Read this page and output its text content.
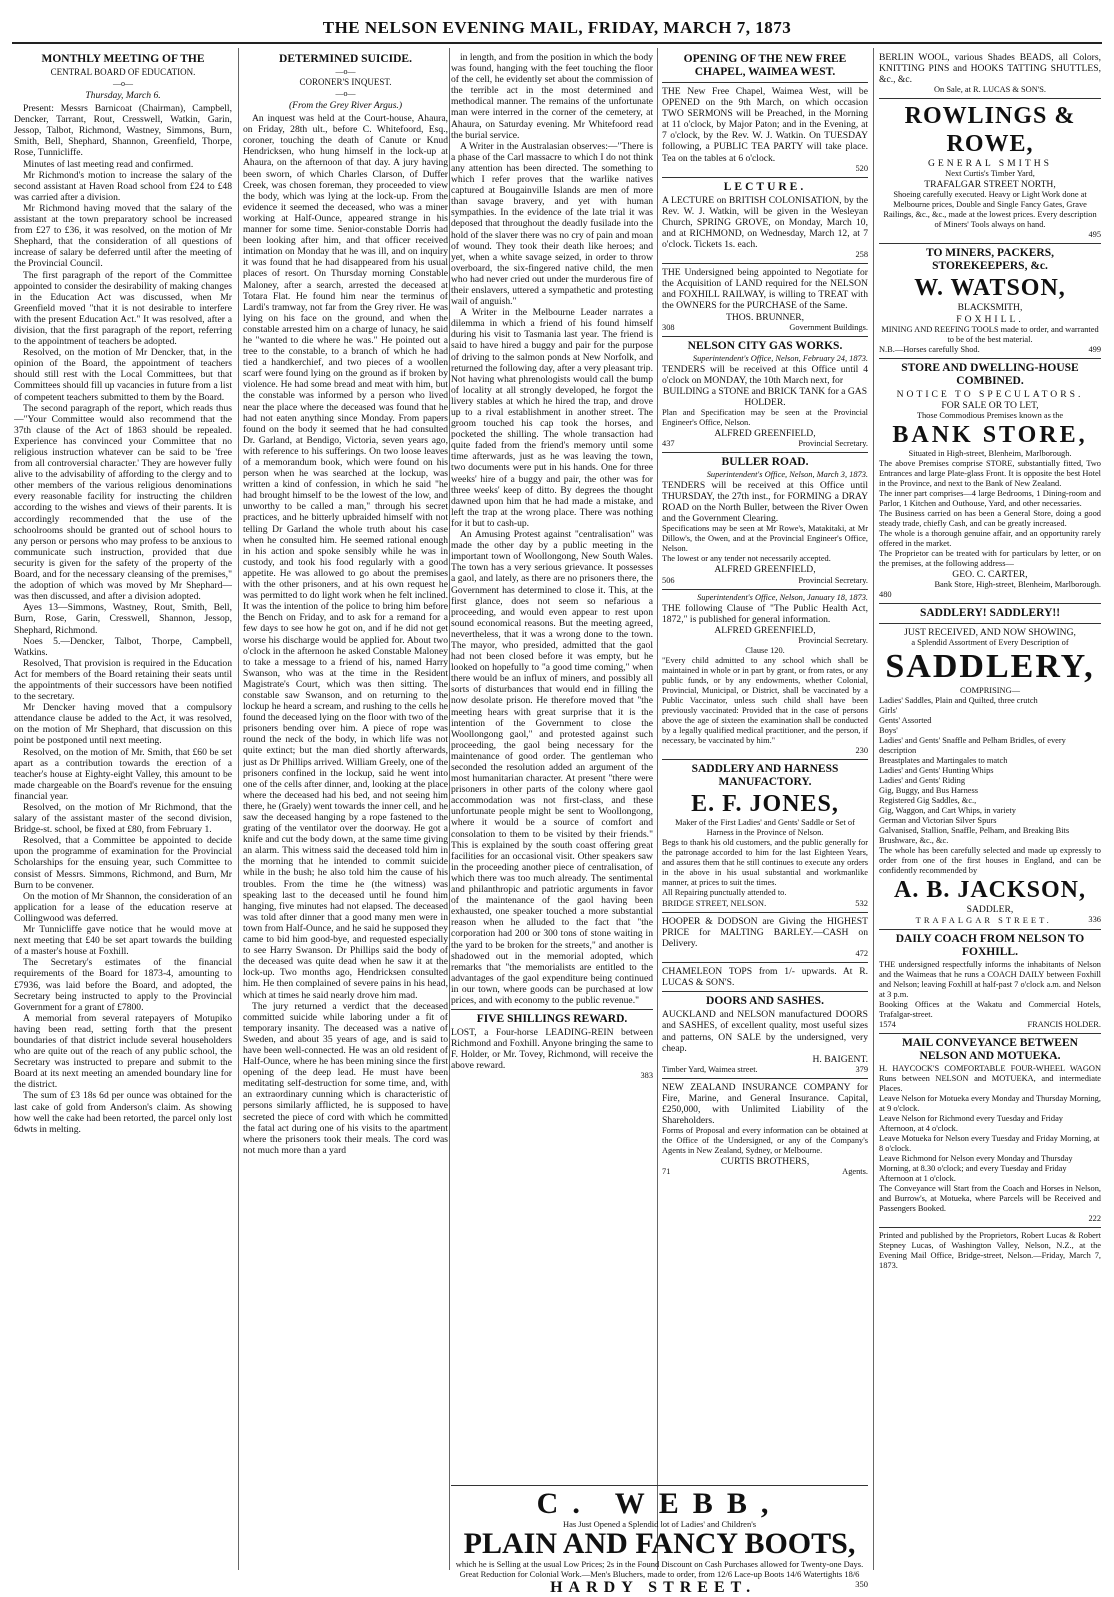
THE NELSON EVENING MAIL, FRIDAY, MARCH 7, 1873
MONTHLY MEETING OF THE
CENTRAL BOARD OF EDUCATION.
—o—
Thursday, March 6.

Present: Messrs Barnicoat (Chairman), Campbell, Dencker, Tarrant, Rout, Cresswell, Watkin, Garin, Jessop, Talbot, Richmond, Wastney, Simmons, Burn, Smith, Bell, Shephard, Shannon, Greenfield, Thorpe, Rose, Tunnicliffe.

Minutes of last meeting read and confirmed.

Mr Richmond's motion to increase the salary of the second assistant at Haven Road school from £24 to £48 was carried after a division.

Mr Richmond having moved that the salary of the assistant at the town preparatory school be increased from £27 to £36, it was resolved, on the motion of Mr Shephard, that the consideration of all questions of increase of salary be deferred until after the meeting of the Provincial Council.

The first paragraph of the report of the Committee appointed to consider the desirability of making changes in the Education Act was discussed, when Mr Greenfield moved "that it is not desirable to interfere with the present Education Act." It was resolved, after a division, that the first paragraph of the report, referring to the appointment of teachers be adopted.

Resolved, on the motion of Mr Dencker, that, in the opinion of the Board, the appointment of teachers should still rest with the Local Committees, but that Committees should fill up vacancies in future from a list of competent teachers submitted to them by the Board.

The second paragraph of the report, which reads thus—"Your Committee would also recommend that the 37th clause of the Act of 1863 should be repealed. Experience has convinced your Committee that no religious instruction whatever can be said to be 'free from all controversial character.' They are however fully alive to the advisability of affording to the clergy and to other members of the various religious denominations every reasonable facility for instructing the children according to the wishes and views of their parents. It is accordingly recommended that the use of the schoolrooms should be granted out of school hours to any person or persons who may profess to be anxious to communicate such instruction, provided that due security is given for the safety of the property of the Board, and for the necessary cleansing of the premises," the adoption of which was moved by Mr Shephard—was then discussed, and after a division adopted.

Ayes 13—Simmons, Wastney, Rout, Smith, Bell, Burn, Rose, Garin, Cresswell, Shannon, Jessop, Shephard, Richmond.

Noes 5.—Dencker, Talbot, Thorpe, Campbell, Watkins.

Resolved, That provision is required in the Education Act for members of the Board retaining their seats until the appointments of their successors have been notified to the secretary.

Mr Dencker having moved that a compulsory attendance clause be added to the Act, it was resolved, on the motion of Mr Shephard, that discussion on this point be postponed until next meeting.

Resolved, on the motion of Mr. Smith, that £60 be set apart as a contribution towards the erection of a teacher's house at Eighty-eight Valley, this amount to be made chargeable on the Board's revenue for the ensuing financial year.

Resolved, on the motion of Mr Richmond, that the salary of the assistant master of the second division, Bridge-st. school, be fixed at £80, from February 1.

Resolved, that a Committee be appointed to decide upon the programme of examination for the Provincial Scholarships for the ensuing year, such Committee to consist of Messrs. Simmons, Richmond, and Burn, Mr Burn to be convener.

On the motion of Mr Shannon, the consideration of an application for a lease of the education reserve at Collingwood was deferred.

Mr Tunnicliffe gave notice that he would move at next meeting that £40 be set apart towards the building of a master's house at Foxhill.

The Secretary's estimates of the financial requirements of the Board for 1873-4, amounting to £7936, was laid before the Board, and adopted, the Secretary being instructed to apply to the Provincial Government for a grant of £7800.

A memorial from several ratepayers of Motupiko having been read, setting forth that the present boundaries of that district include several householders who are quite out of the reach of any public school, the Secretary was instructed to prepare and submit to the Board at its next meeting an amended boundary line for the district.

The sum of £3 18s 6d per ounce was obtained for the last cake of gold from Anderson's claim. As showing how well the cake had been retorted, the parcel only lost 6dwts in melting.

DETERMINED SUICIDE.
—o—
CORONER'S INQUEST.
—o—
(From the Grey River Argus.)

An inquest was held at the Court-house, Ahaura, on Friday, 28th ult., before C. Whitefoord, Esq., coroner, touching the death of Canute or Knud Hendricksen, who hung himself in the lock-up at Ahaura, on the afternoon of that day. A jury having been sworn, of which Charles Clarson, of Duffer Creek, was chosen foreman, they proceeded to view the body, which was lying at the lock-up. From the evidence it seemed the deceased, who was a miner working at Half-Ounce, appeared strange in his manner for some time. Senior-constable Dorris had been looking after him, and that officer received intimation on Monday that he was ill, and on inquiry it was found that he had disappeared from his usual places of resort. On Thursday morning Constable Maloney, after a search, arrested the deceased at Totara Flat. He found him near the terminus of Lardi's tramway, not far from the Grey river. He was lying on his face on the ground, and when the constable arrested him on a charge of lunacy, he said he "wanted to die where he was." He pointed out a tree to the constable, to a branch of which he had tied a handkerchief, and two pieces of a woollen scarf were found lying on the ground as if broken by violence. He had some bread and meat with him, but the constable was informed by a person who lived near the place where the deceased was found that he had not eaten anything since Monday. From papers found on the body it seemed that he had consulted Dr. Garland, at Bendigo, Victoria, seven years ago, with reference to his sufferings. On two loose leaves of a memorandum book, which were found on his person when he was searched at the lockup, was written a kind of confession, in which he said "he had brought himself to be the lowest of the low, and unworthy to be called a man," through his secret practices, and he bitterly upbraided himself with not telling Dr Garland the whole truth about his case when he consulted him. He seemed rational enough in his action and spoke sensibly while he was in custody, and took his food regularly with a good appetite. He was allowed to go about the premises with the other prisoners, and at his own request he was permitted to do light work when he felt inclined. It was the intention of the police to bring him before the Bench on Friday, and to ask for a remand for a few days to see how he got on, and if he did not get worse his discharge would be applied for. About two o'clock in the afternoon he asked Constable Maloney to take a message to a friend of his, named Harry Swanson, who was at the time in the Resident Magistrate's Court, which was then sitting. The constable saw Swanson, and on returning to the lockup he heard a scream, and rushing to the cells he found the deceased lying on the floor with two of the prisoners bending over him. A piece of rope was round the neck of the body, in which life was not quite extinct; but the man died shortly afterwards, just as Dr Phillips arrived. William Greely, one of the prisoners confined in the lockup, said he went into one of the cells after dinner, and, looking at the place where the deceased had his bed, and not seeing him there, he (Graely) went towards the inner cell, and he saw the deceased hanging by a rope fastened to the grating of the ventilator over the doorway. He got a knife and cut the body down, at the same time giving an alarm. This witness said the deceased told him in the morning that he intended to commit suicide while in the bush; he also told him the cause of his troubles. From the time he (the witness) was speaking last to the deceased until he found him hanging, five minutes had not elapsed. The deceased was told after dinner that a good many men were in town from Half-Ounce, and he said he supposed they came to bid him good-bye, and requested especially to see Harry Swanson. Dr Phillips said the body of the deceased was quite dead when he saw it at the lock-up. Two months ago, Hendricksen consulted him. He then complained of severe pains in his head, which at times he said nearly drove him mad.

The jury returned a verdict that the deceased committed suicide while laboring under a fit of temporary insanity. The deceased was a native of Sweden, and about 35 years of age, and is said to have been well-connected. He was an old resident of Half-Ounce, where he has been mining since the first opening of the deep lead. He must have been meditating self-destruction for some time, and, with an extraordinary cunning which is characteristic of persons similarly afflicted, he is supposed to have secreted the piece of cord with which he committed the fatal act during one of his visits to the apartment where the prisoners took their meals. The cord was not much more than a yard

in length, and from the position in which the body was found, hanging with the feet touching the floor of the cell, he evidently set about the commission of the terrible act in the most determined and methodical manner. The remains of the unfortunate man were interred in the corner of the cemetery, at Ahaura, on Saturday evening. Mr Whitefoord read the burial service.

A Writer in the Australasian observes:—"There is a phase of the Carl massacre to which I do not think any attention has been directed. The something to which I refer proves that the warlike natives captured at Bougainville Islands are men of more than savage bravery, and yet with human sympathies. In the evidence of the late trial it was deposed that throughout the deadly fusilade into the hold of the slaver there was no cry of pain and moan of wound. They took their death like heroes; and yet, when a white savage seized, in order to throw overboard, the six-fingered native child, the men who had never cried out under the murderous fire of their enslavers, uttered a sympathetic and protesting wail of anguish."

A Writer in the Melbourne Leader narrates a dilemma in which a friend of his found himself during his visit to Tasmania last year. The friend is said to have hired a buggy and pair for the purpose of driving to the salmon ponds at New Norfolk, and returned the following day, after a very pleasant trip. Not having what phrenologists would call the bump of locality at all strongly developed, he forgot the livery stables at which he hired the trap, and drove up to a rival establishment in another street. The groom touched his cap took the horses, and pocketed the shilling. The whole transaction had quite faded from the friend's memory until some time afterwards, just as he was leaving the town, two documents were put in his hands. One for three weeks' hire of a buggy and pair, the other was for three weeks' keep of ditto. By degrees the thought dawned upon him that he had made a mistake, and left the trap at the wrong place. There was nothing for it but to cash-up.

An Amusing Protest against "centralisation" was made the other day by a public meeting in the important town of Woollongong, New South Wales. The town has a very serious grievance. It possesses a gaol, and lately, as there are no prisoners there, the Government has determined to close it. This, at the first glance, does not seem so nefarious a proceeding, and would even appear to rest upon sound economical reasons. But the meeting agreed, nevertheless, that it was a wrong done to the town. The mayor, who presided, admitted that the gaol had not been closed before it was empty, but he looked on hopefully to "a good time coming," when there would be an influx of miners, and possibly all sorts of disturbances that would end in filling the now desolate prison. He therefore moved that "the meeting hears with great surprise that it is the intention of the Government to close the Woollongong gaol," and protested against such proceeding, the gaol being necessary for the maintenance of good order. The gentleman who seconded the resolution added an argument of the most humanitarian character. At present "there were prisoners in other parts of the colony where gaol accommodation was not first-class, and these unfortunate people might be sent to Woollongong, where it would be a source of comfort and consolation to them to be visited by their friends." This is explained by the south coast offering great facilities for an occasional visit. Other speakers saw in the proceeding another piece of centralisation, of which there was too much already. The sentimental and philanthropic and patriotic arguments in favor of the maintenance of the gaol having been exhausted, one speaker touched a more substantial reason when he alluded to the fact that "the corporation had 200 or 300 tons of stone waiting in the yard to be broken for the streets," and another is shadowed out in the memorial adopted, which remarks that "the memorialists are entitled to the advantages of the gaol expenditure being continued in our town, where goods can be purchased at low prices, and with economy to the public revenue."

FIVE SHILLINGS REWARD.

LOST, a Four-horse LEADING-REIN between Richmond and Foxhill. Anyone bringing the same to F. Holder, or Mr. Tovey, Richmond, will receive the above reward.

383
OPENING OF THE NEW FREE CHAPEL, WAIMEA WEST.

THE New Free Chapel, Waimea West, will be OPENED on the 9th March, on which occasion TWO SERMONS will be Preached, in the Morning at 11 o'clock, by Major Paton; and in the Evening, at 7 o'clock, by the Rev. W. J. Watkin. On TUESDAY following, a PUBLIC TEA PARTY will take place. Tea on the tables at 6 o'clock.

520
LECTURE.

A LECTURE on BRITISH COLONISATION, by the Rev. W. J. Watkin, will be given in the Wesleyan Church, SPRING GROVE, on Monday, March 10, and at RICHMOND, on Wednesday, March 12, at 7 o'clock. Tickets 1s. each.

258

THE Undersigned being appointed to Negotiate for the Acquisition of LAND required for the NELSON and FOXHILL RAILWAY, is willing to TREAT with the OWNERS for the PURCHASE of the Same.

THOS. BRUNNER,
308	Government Buildings.
NELSON CITY GAS WORKS.
Superintendent's Office, Nelson, February 24, 1873.

TENDERS will be received at this Office until 4 o'clock on MONDAY, the 10th March next, for

BUILDING a STONE and BRICK TANK for a GAS HOLDER.

Plan and Specification may be seen at the Provincial Engineer's Office, Nelson.

ALFRED GREENFIELD,
437	Provincial Secretary.
BULLER ROAD.
Superintendent's Office, Nelson, March 3, 1873.

TENDERS will be received at this Office until THURSDAY, the 27th inst., for FORMING a DRAY ROAD on the North Buller, between the River Owen and the Government Clearing.

Specifications may be seen at Mr Rowe's, Matakitaki, at Mr Dillow's, the Owen, and at the Provincial Engineer's Office, Nelson.

The lowest or any tender not necessarily accepted.

ALFRED GREENFIELD,
506	Provincial Secretary.
Superintendent's Office, Nelson, January 18, 1873.

THE following Clause of "The Public Health Act, 1872," is published for general information.

ALFRED GREENFIELD,
Provincial Secretary.
Clause 120.

"Every child admitted to any school which shall be maintained in whole or in part by grant, or from rates, or any public funds, or by any endowments, whether Colonial, Provincial, Municipal, or District, shall be vaccinated by a Public Vaccinator, unless such child shall have been previously vaccinated: Provided that in the case of persons above the age of sixteen the examination shall be conducted by a legally qualified medical practitioner, and the person, if necessary, be vaccinated by him."

230
SADDLERY AND HARNESS MANUFACTORY.
E. F. JONES,
Maker of the First Ladies' and Gents' Saddle or Set of Harness in the Province of Nelson.

Begs to thank his old customers, and the public generally for the patronage accorded to him for the last Eighteen Years, and assures them that he still continues to execute any orders in the above in his usual substantial and workmanlike manner, at prices to suit the times.

All Repairing punctually attended to.

BRIDGE STREET, NELSON.	532

HOOPER & DODSON are Giving the HIGHEST PRICE for MALTING BARLEY.—CASH on Delivery.

472

CHAMELEON TOPS from 1/- upwards. At R. LUCAS & SON'S.

DOORS AND SASHES.

AUCKLAND and NELSON manufactured DOORS and SASHES, of excellent quality, most useful sizes and patterns, ON SALE by the undersigned, very cheap.

H. BAIGENT.
Timber Yard, Waimea street.	379

NEW ZEALAND INSURANCE COMPANY for Fire, Marine, and General Insurance. Capital, £250,000, with Unlimited Liability of the Shareholders.

Forms of Proposal and every information can be obtained at the Office of the Undersigned, or any of the Company's Agents in New Zealand, Sydney, or Melbourne.

CURTIS BROTHERS,
71	Agents.
C. WEBB,
Has Just Opened a Splendid lot of Ladies' and Children's
PLAIN AND FANCY BOOTS,
which he is Selling at the usual Low Prices; 2s in the Found Discount on Cash Purchases allowed for Twenty-one Days.
Great Reduction for Colonial Work.—Men's Bluchers, made to order, from 12/6 Lace-up Boots 14/6 Watertights 18/6
HARDY STREET.	350

BERLIN WOOL, various Shades BEADS, all Colors, KNITTING PINS and HOOKS TATTING SHUTTLES, &c., &c.

On Sale, at R. LUCAS & SON'S.
ROWLINGS & ROWE,
GENERAL SMITHS
Next Curtis's Timber Yard,
TRAFALGAR STREET NORTH,

Shoeing carefully executed. Heavy or Light Work done at Melbourne prices, Double and Single Fancy Gates, Grave Railings, &c., &c., made at the lowest prices. Every description of Miners' Tools always on hand.

495
TO MINERS, PACKERS, STOREKEEPERS, &c.
W. WATSON,
BLACKSMITH,
FOXHILL.

MINING AND REEFING TOOLS made to order, and warranted to be of the best material.

N.B.—Horses carefully Shod.	499
STORE AND DWELLING-HOUSE COMBINED.
NOTICE TO SPECULATORS.
FOR SALE OR TO LET,
Those Commodious Premises known as the
BANK STORE,
Situated in High-street, Blenheim, Marlborough.

The above Premises comprise STORE, substantially fitted, Two Entrances and large Plate-glass Front. It is opposite the best Hotel in the Province, and next to the Bank of New Zealand.

The inner part comprises—4 large Bedrooms, 1 Dining-room and Parlor, 1 Kitchen and Outhouse, Yard, and other necessaries.

The Business carried on has been a General Store, doing a good steady trade, chiefly Cash, and can be greatly increased.

The whole is a thorough genuine affair, and an opportunity rarely offered in the market.

The Proprietor can be treated with for particulars by letter, or on the premises, at the following address—

GEO. C. CARTER,
Bank Store, High-street, Blenheim, Marlborough.
480
SADDLERY! SADDLERY!!
JUST RECEIVED, AND NOW SHOWING,
a Splendid Assortment of Every Description of
SADDLERY,
COMPRISING—
Ladies' Saddles, Plain and Quilted, three crutch
Girls'
Gents' Assorted
Boys'
Ladies' and Gents' Snaffle and Pelham Bridles, of every description
Breastplates and Martingales to match
Ladies' and Gents' Hunting Whips
Ladies' and Gents' Riding
Gig, Buggy, and Bus Harness
Registered Gig Saddles, &c.,
Gig, Waggon, and Cart Whips, in variety
German and Victorian Silver Spurs
Galvanised, Stallion, Snaffle, Pelham, and Breaking Bits
Brushware, &c., &c.

The whole has been carefully selected and made up expressly to order from one of the first houses in England, and can be confidently recommended by

A. B. JACKSON,
SADDLER,
TRAFALGAR STREET.	336
DAILY COACH FROM NELSON TO FOXHILL.

THE undersigned respectfully informs the inhabitants of Nelson and the Waimeas that he runs a COACH DAILY between Foxhill and Nelson; leaving Foxhill at half-past 7 o'clock a.m. and Nelson at 3 p.m.

Booking Offices at the Wakatu and Commercial Hotels, Trafalgar-street.

1574	FRANCIS HOLDER.
MAIL CONVEYANCE BETWEEN NELSON AND MOTUEKA.

H. HAYCOCK'S COMFORTABLE FOUR-WHEEL WAGON Runs between NELSON and MOTUEKA, and intermediate Places.

Leave Nelson for Motueka every Monday and Thursday Morning, at 9 o'clock.
Leave Nelson for Richmond every Tuesday and Friday Afternoon, at 4 o'clock.
Leave Motueka for Nelson every Tuesday and Friday Morning, at 8 o'clock.
Leave Richmond for Nelson every Monday and Thursday Morning, at 8.30 o'clock; and every Tuesday and Friday Afternoon at 1 o'clock.

The Conveyance will Start from the Coach and Horses in Nelson, and Burrow's, at Motueka, where Parcels will be Received and Passengers Booked.

222

Printed and published by the Proprietors, Robert Lucas & Robert Stepney Lucas, of Washington Valley, Nelson, N.Z., at the Evening Mail Office, Bridge-street, Nelson.—Friday, March 7, 1873.
